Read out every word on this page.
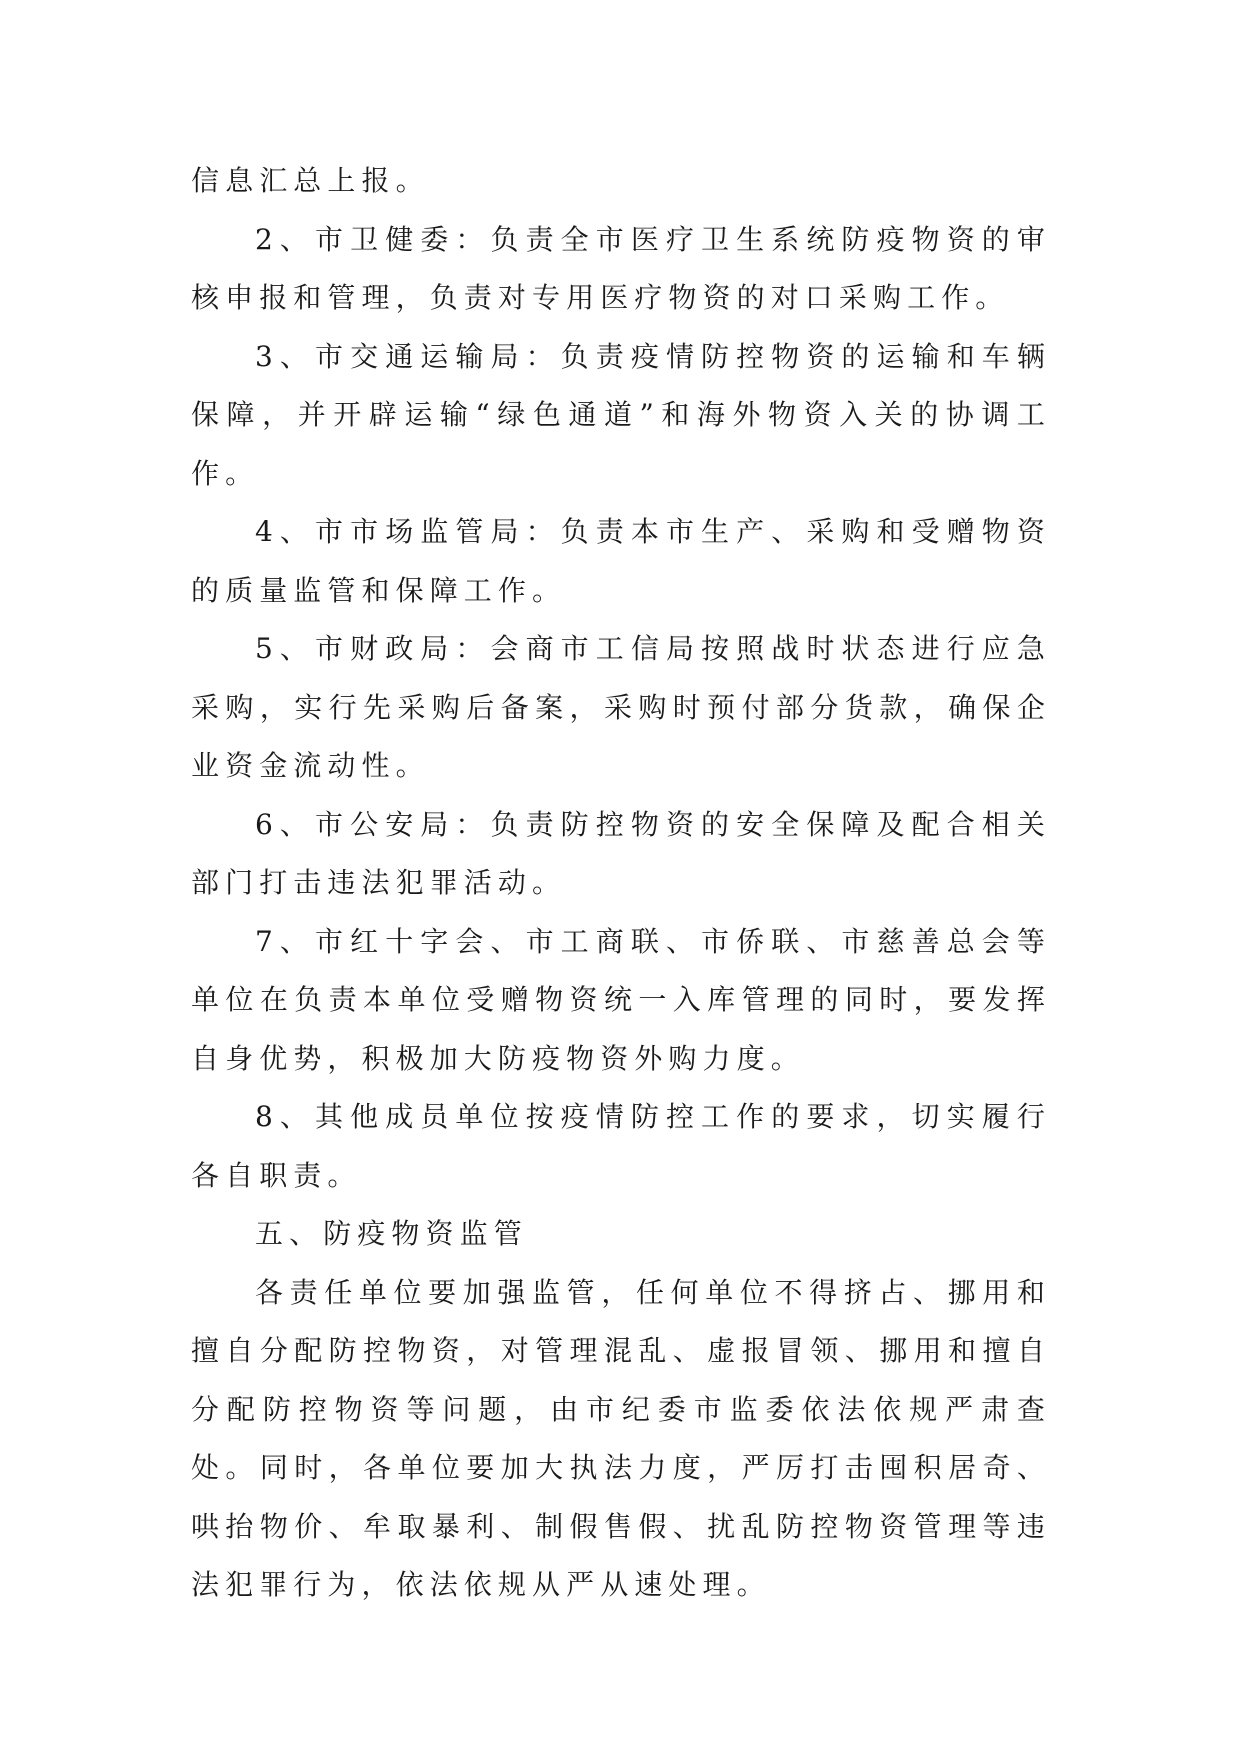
信息汇总上报。

2、市卫健委：负责全市医疗卫生系统防疫物资的审核申报和管理，负责对专用医疗物资的对口采购工作。

3、市交通运输局：负责疫情防控物资的运输和车辆保障，并开辟运输“绿色通道”和海外物资入关的协调工作。

4、市市场监管局：负责本市生产、采购和受赠物资的质量监管和保障工作。

5、市财政局：会商市工信局按照战时状态进行应急采购，实行先采购后备案，采购时预付部分货款，确保企业资金流动性。

6、市公安局：负责防控物资的安全保障及配合相关部门打击违法犯罪活动。

7、市红十字会、市工商联、市侨联、市慈善总会等单位在负责本单位受赠物资统一入库管理的同时，要发挥自身优势，积极加大防疫物资外购力度。

8、其他成员单位按疫情防控工作的要求，切实履行各自职责。

五、防疫物资监管

各责任单位要加强监管，任何单位不得挤占、挪用和擅自分配防控物资，对管理混乱、虚报冒领、挪用和擅自分配防控物资等问题，由市纪委市监委依法依规严肃查处。同时，各单位要加大执法力度，严厉打击囤积居奇、哄抬物价、牟取暴利、制假售假、扰乱防控物资管理等违法犯罪行为，依法依规从严从速处理。
